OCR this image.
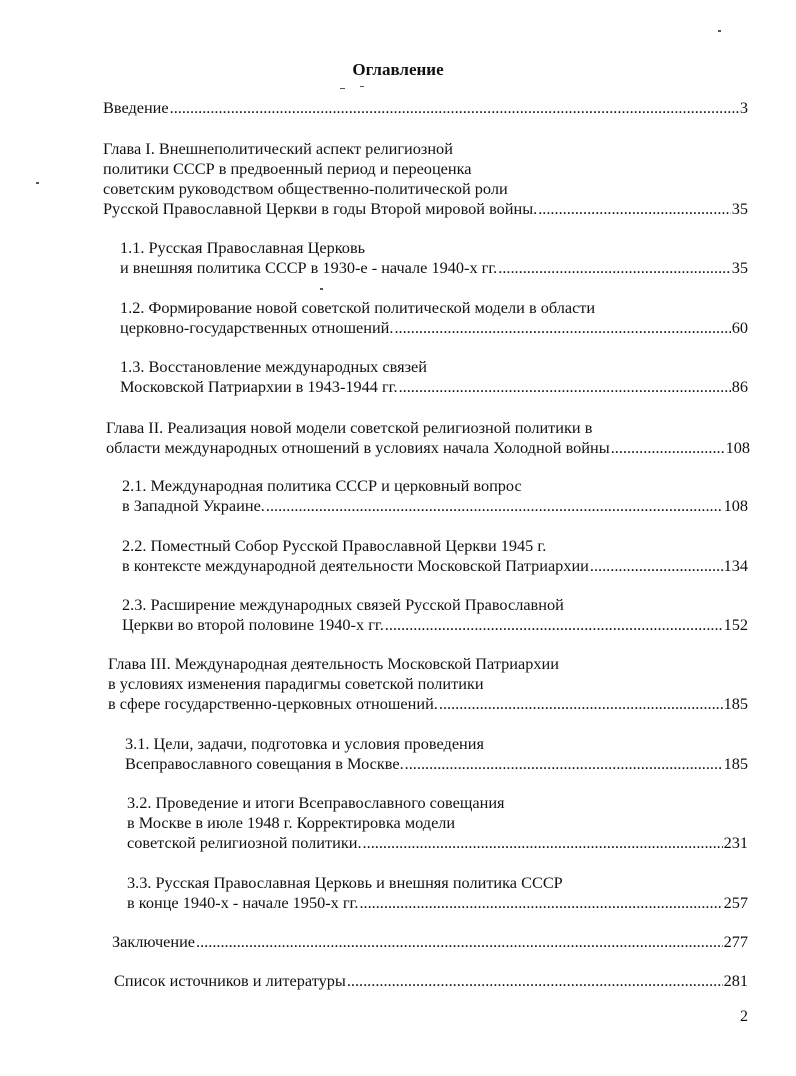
Оглавление
Введение .....	3
Глава I. Внешнеполитический аспект религиозной
политики СССР в предвоенный период и переоценка
советским руководством общественно-политической роли
Русской Православной Церкви в годы Второй мировой войны. .....	35
1.1. Русская Православная Церковь
и внешняя политика СССР в 1930-е - начале 1940-х гг. .....	35
1.2. Формирование новой советской политической модели в области
церковно-государственных отношений. .....	60
1.3. Восстановление международных связей
Московской Патриархии в 1943-1944 гг. .....	86
Глава II. Реализация новой модели советской религиозной политики в
области международных отношений в условиях начала Холодной войны .....	108
2.1. Международная политика СССР и церковный вопрос
в Западной Украине. .....	108
2.2. Поместный Собор Русской Православной Церкви 1945 г.
в контексте международной деятельности Московской Патриархии .....	134
2.3. Расширение международных связей Русской Православной
Церкви во второй половине 1940-х гг. .....	152
Глава III. Международная деятельность Московской Патриархии
в условиях изменения парадигмы советской политики
в сфере государственно-церковных отношений. .....	185
3.1. Цели, задачи, подготовка и условия проведения
Всеправославного совещания в Москве. .....	185
3.2. Проведение и итоги Всеправославного совещания
в Москве в июле 1948 г. Корректировка модели
советской религиозной политики. .....	231
3.3. Русская Православная Церковь и внешняя политика СССР
в конце 1940-х - начале 1950-х гг. .....	257
Заключение .....	277
Список источников и литературы .....	281
2
